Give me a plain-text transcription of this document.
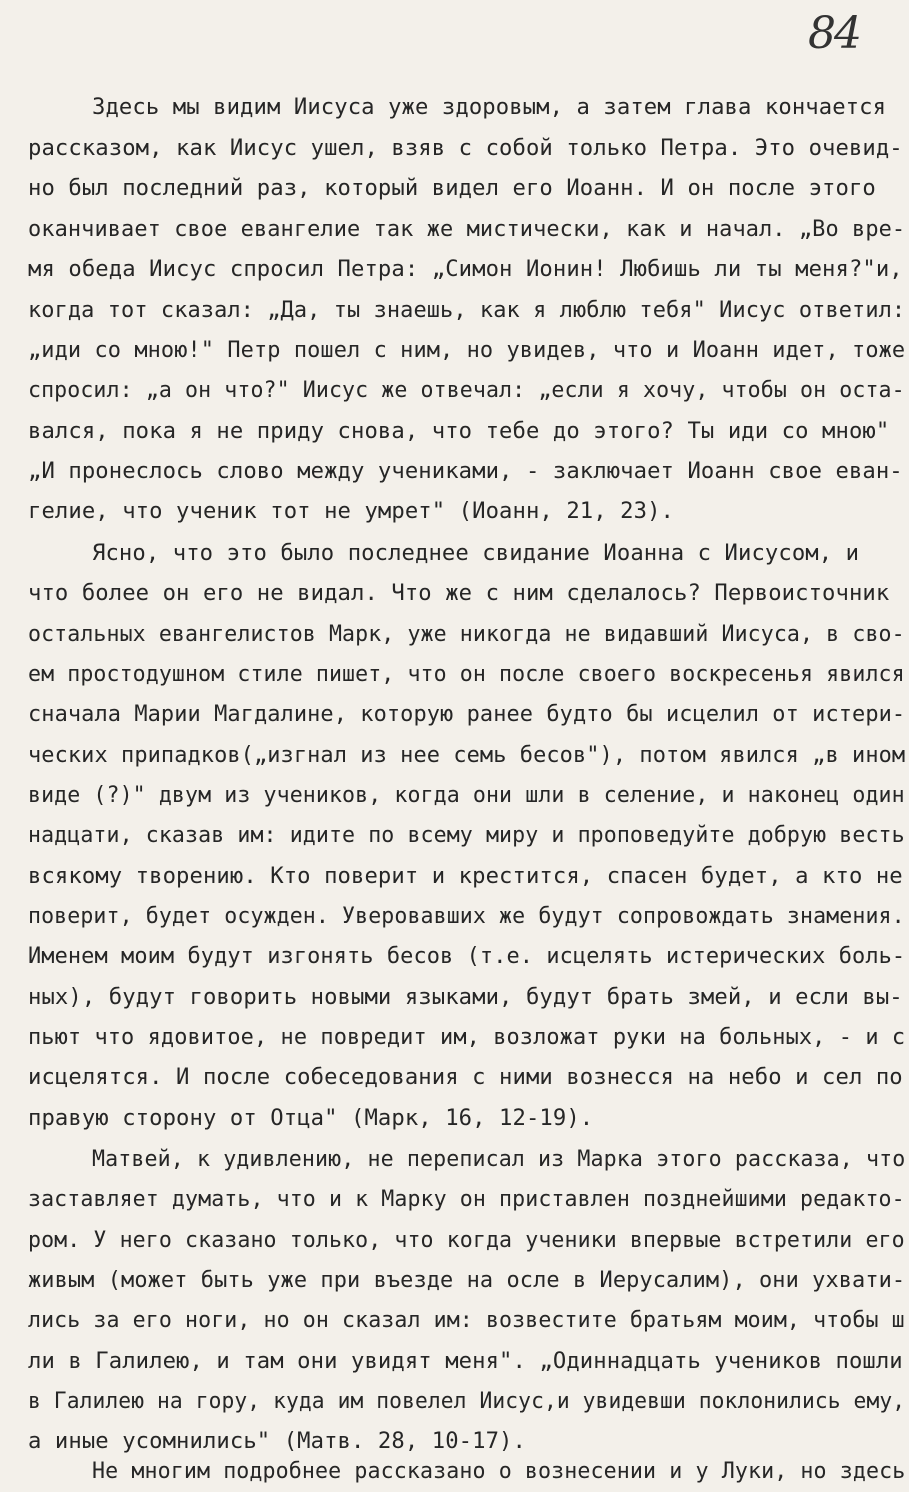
84
Здесь мы видим Иисуса уже здоровым, а затем глава кончается
рассказом, как Иисус ушел, взяв с собой только Петра. Это очевид-
но был последний раз, который видел его Иоанн. И он после этого
оканчивает свое евангелие так же мистически, как и начал. „Во вре-
мя обеда Иисус спросил Петра: „Симон Ионин! Любишь ли ты меня?"и,
когда тот сказал: „Да, ты знаешь, как я люблю тебя" Иисус ответил:
„иди со мною!" Петр пошел с ним, но увидев, что и Иоанн идет, тоже
спросил: „а он что?" Иисус же отвечал: „если я хочу, чтобы он оста-
вался, пока я не приду снова, что тебе до этого? Ты иди со мною"
„И пронеслось слово между учениками, - заключает Иоанн свое еван-
гелие, что ученик тот не умрет" (Иоанн, 21, 23).
Ясно, что это было последнее свидание Иоанна с Иисусом, и
что более он его не видал. Что же с ним сделалось? Первоисточник
остальных евангелистов Марк, уже никогда не видавший Иисуса, в сво-
ем простодушном стиле пишет, что он после своего воскресенья явился
сначала Марии Магдалине, которую ранее будто бы исцелил от истери-
ческих припадков(„изгнал из нее семь бесов"), потом явился „в ином
виде (?)" двум из учеников, когда они шли в селение, и наконец один
надцати, сказав им: идите по всему миру и проповедуйте добрую весть
всякому творению. Кто поверит и крестится, спасен будет, а кто не
поверит, будет осужден. Уверовавших же будут сопровождать знамения.
Именем моим будут изгонять бесов (т.е. исцелять истерических боль-
ных), будут говорить новыми языками, будут брать змей, и если вы-
пьют что ядовитое, не повредит им, возложат руки на больных, - и с
исцелятся. И после собеседования с ними вознесся на небо и сел по
правую сторону от Отца" (Марк, 16, 12-19).
Матвей, к удивлению, не переписал из Марка этого рассказа, что
заставляет думать, что и к Марку он приставлен позднейшими редакто-
ром. У него сказано только, что когда ученики впервые встретили его
живым (может быть уже при въезде на осле в Иерусалим), они ухвати-
лись за его ноги, но он сказал им: возвестите братьям моим, чтобы ш
ли в Галилею, и там они увидят меня". „Одиннадцать учеников пошли
в Галилею на гору, куда им повелел Иисус,и увидевши поклонились ему,
а иные усомнились" (Матв. 28, 10-17).
Не многим подробнее рассказано о вознесении и у Луки, но здесь
